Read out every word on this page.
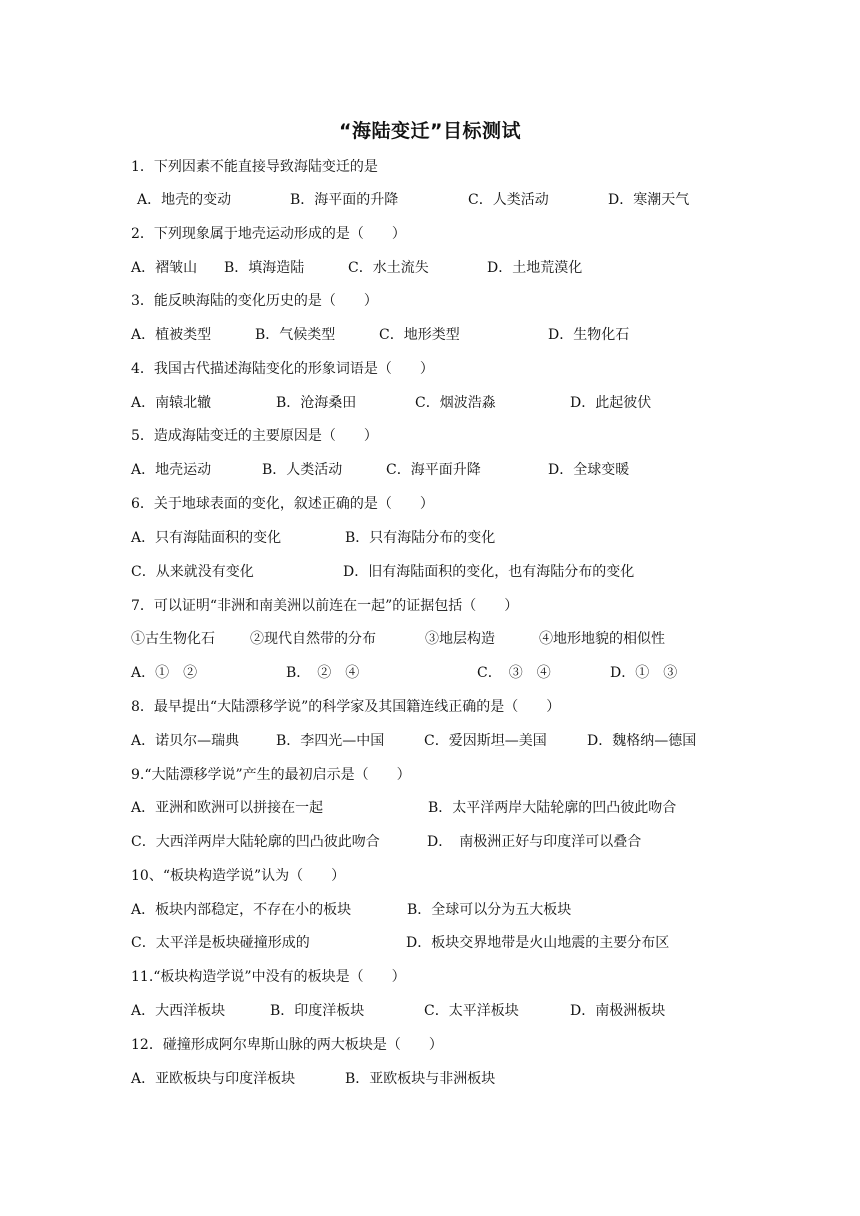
“海陆变迁”目标测试
1．下列因素不能直接导致海陆变迁的是
A．地壳的变动	B．海平面的升降	C．人类活动	D．寒潮天气
2．下列现象属于地壳运动形成的是（　　）
A．褶皱山 B．填海造陆	C．水土流失	D．土地荒漠化
3．能反映海陆的变化历史的是（　　）
A．植被类型	B．气候类型	C．地形类型	D．生物化石
4．我国古代描述海陆变化的形象词语是（　　）
A．南辕北辙	B．沧海桑田	C．烟波浩淼	D．此起彼伏
5．造成海陆变迁的主要原因是（　　）
A．地壳运动	B．人类活动	C．海平面升降	D．全球变暖
6．关于地球表面的变化，叙述正确的是（　　）
A．只有海陆面积的变化	B．只有海陆分布的变化
C．从来就没有变化	D．旧有海陆面积的变化，也有海陆分布的变化
7．可以证明“非洲和南美洲以前连在一起”的证据包括（　　）
①古生物化石	②现代自然带的分布	③地层构造	④地形地貌的相似性
A．①　②	B．　②　④	C．　③　④	D．①　③
8．最早提出“大陆漂移学说”的科学家及其国籍连线正确的是（　　）
A．诺贝尔—瑞典	B．李四光—中国	C．爱因斯坦—美国	D．魏格纳—德国
9.“大陆漂移学说”产生的最初启示是（　　）
A．亚洲和欧洲可以拼接在一起	B．太平洋两岸大陆轮廓的凹凸彼此吻合
C．大西洋两岸大陆轮廓的凹凸彼此吻合	D．　南极洲正好与印度洋可以叠合
10、“板块构造学说”认为（　　）
A．板块内部稳定，不存在小的板块	B．全球可以分为五大板块
C．太平洋是板块碰撞形成的	D．板块交界地带是火山地震的主要分布区
11.“板块构造学说”中没有的板块是（　　）
A．大西洋板块	B．印度洋板块	C．太平洋板块	D．南极洲板块
12．碰撞形成阿尔卑斯山脉的两大板块是（　　）
A．亚欧板块与印度洋板块	B．亚欧板块与非洲板块
